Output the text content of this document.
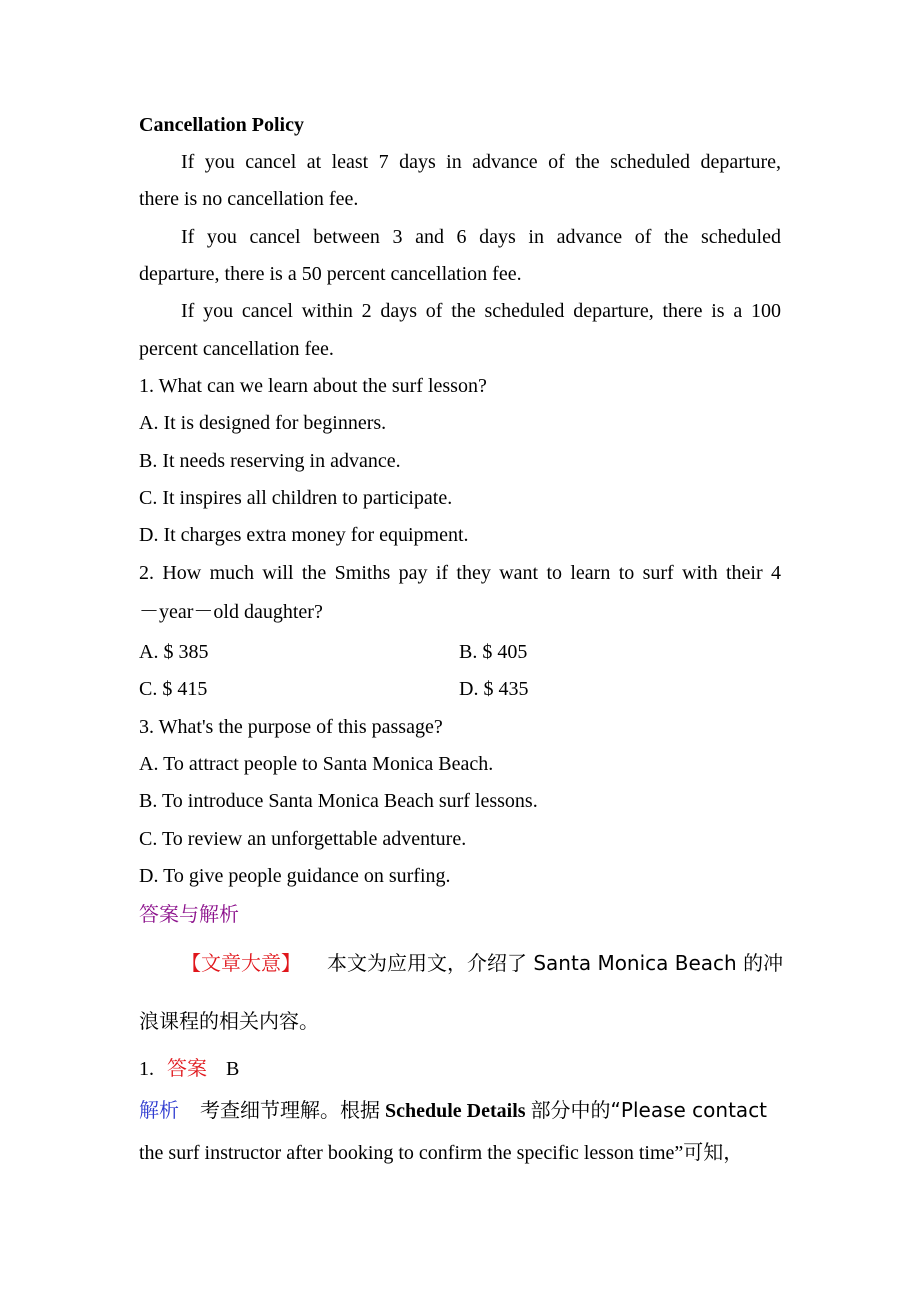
Cancellation Policy
If you cancel at least 7 days in advance of the scheduled departure,
there is no cancellation fee.
If you cancel between 3 and 6 days in advance of the scheduled
departure, there is a 50 percent cancellation fee.
If you cancel within 2 days of the scheduled departure, there is a 100
percent cancellation fee.
1. What can we learn about the surf lesson?
A. It is designed for beginners.
B. It needs reserving in advance.
C. It inspires all children to participate.
D. It charges extra money for equipment.
2. How much will the Smiths pay if they want to learn to surf with their 4
－year－old daughter?
A. $ 385	B. $ 405
C. $ 415	D. $ 435
3. What's the purpose of this passage?
A. To attract people to Santa Monica Beach.
B. To introduce Santa Monica Beach surf lessons.
C. To review an unforgettable adventure.
D. To give people guidance on surfing.
答案与解析
【文章大意】 本文为应用文，介绍了 Santa Monica Beach 的冲
浪课程的相关内容。
1. 答案 B
解析 考查细节理解。根据 Schedule Details 部分中的“Please contact
the surf instructor after booking to confirm the specific lesson time”可知，
